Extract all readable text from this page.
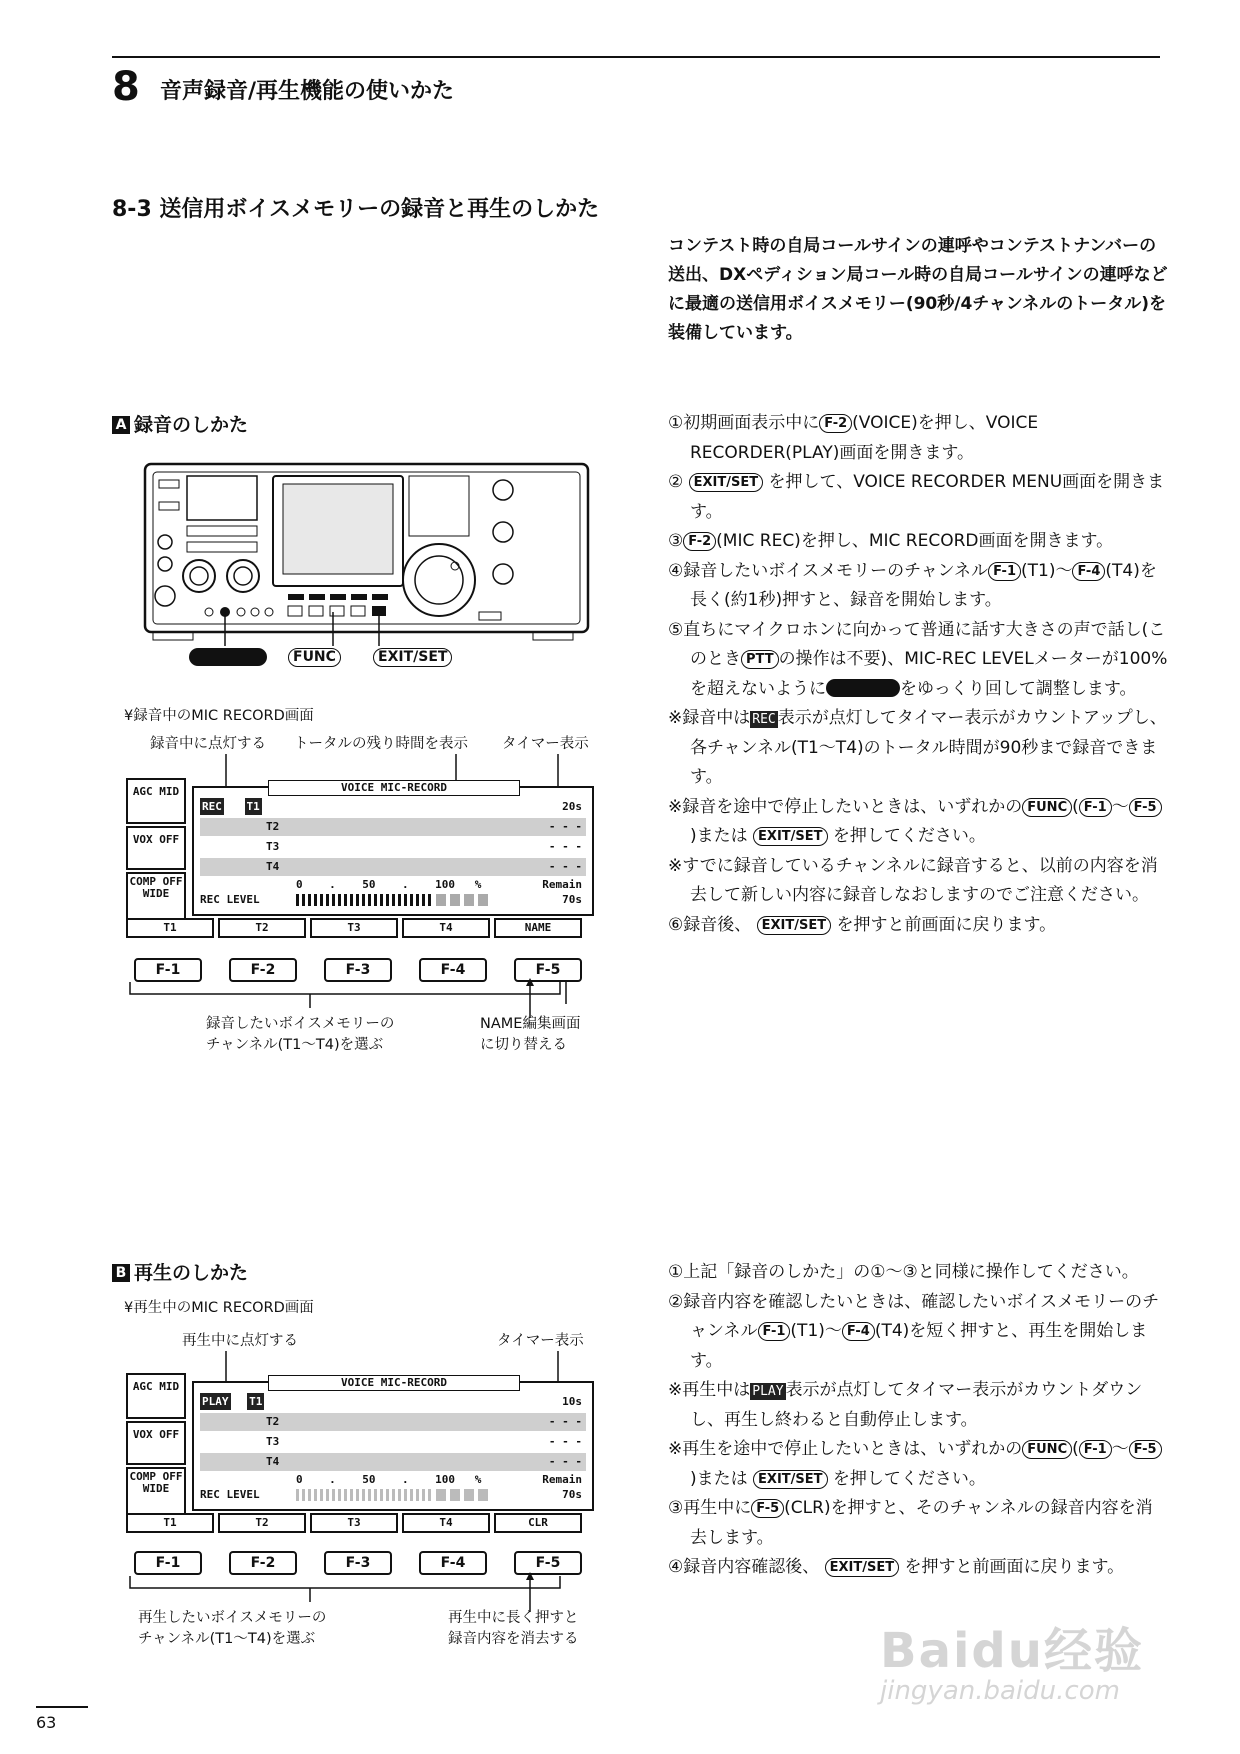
8 音声録音/再生機能の使いかた
8-3 送信用ボイスメモリーの録音と再生のしかた
コンテスト時の自局コールサインの連呼やコンテストナンバーの送出、DXペディション局コール時の自局コールサインの連呼などに最適の送信用ボイスメモリー(90秒/4チャンネルのトータル)を装備しています。
A 録音のしかた
FUNC	EXIT/SET
¥録音中のMIC RECORD画面
録音中に点灯する トータルの残り時間を表示 タイマー表示
AGC MID
VOX OFF
COMP OFF WIDE
VOICE MIC-RECORD
REC T1	20s
T2	- - -
T3	- - -
T4	- - -
0    .    50    .    100   %	Remain
REC LEVEL	70s
T1	T2	T3	T4	NAME
F-1	F-2	F-3	F-4	F-5
録音したいボイスメモリーの
チャンネル(T1〜T4)を選ぶ
NAME編集画面
に切り替える
①初期画面表示中に F-2 (VOICE)を押し、VOICE RECORDER(PLAY)画面を開きます。
② EXIT/SET を押して、VOICE RECORDER MENU画面を開きます。
③ F-2 (MIC REC)を押し、MIC RECORD画面を開きます。
④録音したいボイスメモリーのチャンネル F-1 (T1)〜 F-4 (T4)を長く(約1秒)押すと、録音を開始します。
⑤直ちにマイクロホンに向かって普通に話す大きさの声で話し(このとき PTT の操作は不要)、MIC-REC LEVELメーターが100%を超えないように	をゆっくり回して調整します。
※録音中は REC 表示が点灯してタイマー表示がカウントアップし、各チャンネル(T1〜T4)のトータル時間が90秒まで録音できます。
※録音を途中で停止したいときは、いずれかの FUNC ( F-1 〜 F-5)または EXIT/SET を押してください。
※すでに録音しているチャンネルに録音すると、以前の内容を消去して新しい内容に録音しなおしますのでご注意ください。
⑥録音後、 EXIT/SET を押すと前画面に戻ります。
B 再生のしかた
¥再生中のMIC RECORD画面
再生中に点灯する	タイマー表示
AGC MID
VOX OFF
COMP OFF WIDE
VOICE MIC-RECORD
PLAY T1	10s
T2	- - -
T3	- - -
T4	- - -
0    .    50    .    100   %	Remain
REC LEVEL	70s
T1	T2	T3	T4	CLR
F-1	F-2	F-3	F-4	F-5
再生したいボイスメモリーの
チャンネル(T1〜T4)を選ぶ
再生中に長く押すと
録音内容を消去する
①上記「録音のしかた」の①〜③と同様に操作してください。
②録音内容を確認したいときは、確認したいボイスメモリーのチャンネル F-1 (T1)〜 F-4 (T4)を短く押すと、再生を開始します。
※再生中は PLAY 表示が点灯してタイマー表示がカウントダウンし、再生し終わると自動停止します。
※再生を途中で停止したいときは、いずれかの FUNC ( F-1 〜 F-5)または EXIT/SET を押してください。
③再生中に F-5 (CLR)を押すと、そのチャンネルの録音内容を消去します。
④録音内容確認後、 EXIT/SET を押すと前画面に戻ります。
63
Baidu经验
jingyan.baidu.com
